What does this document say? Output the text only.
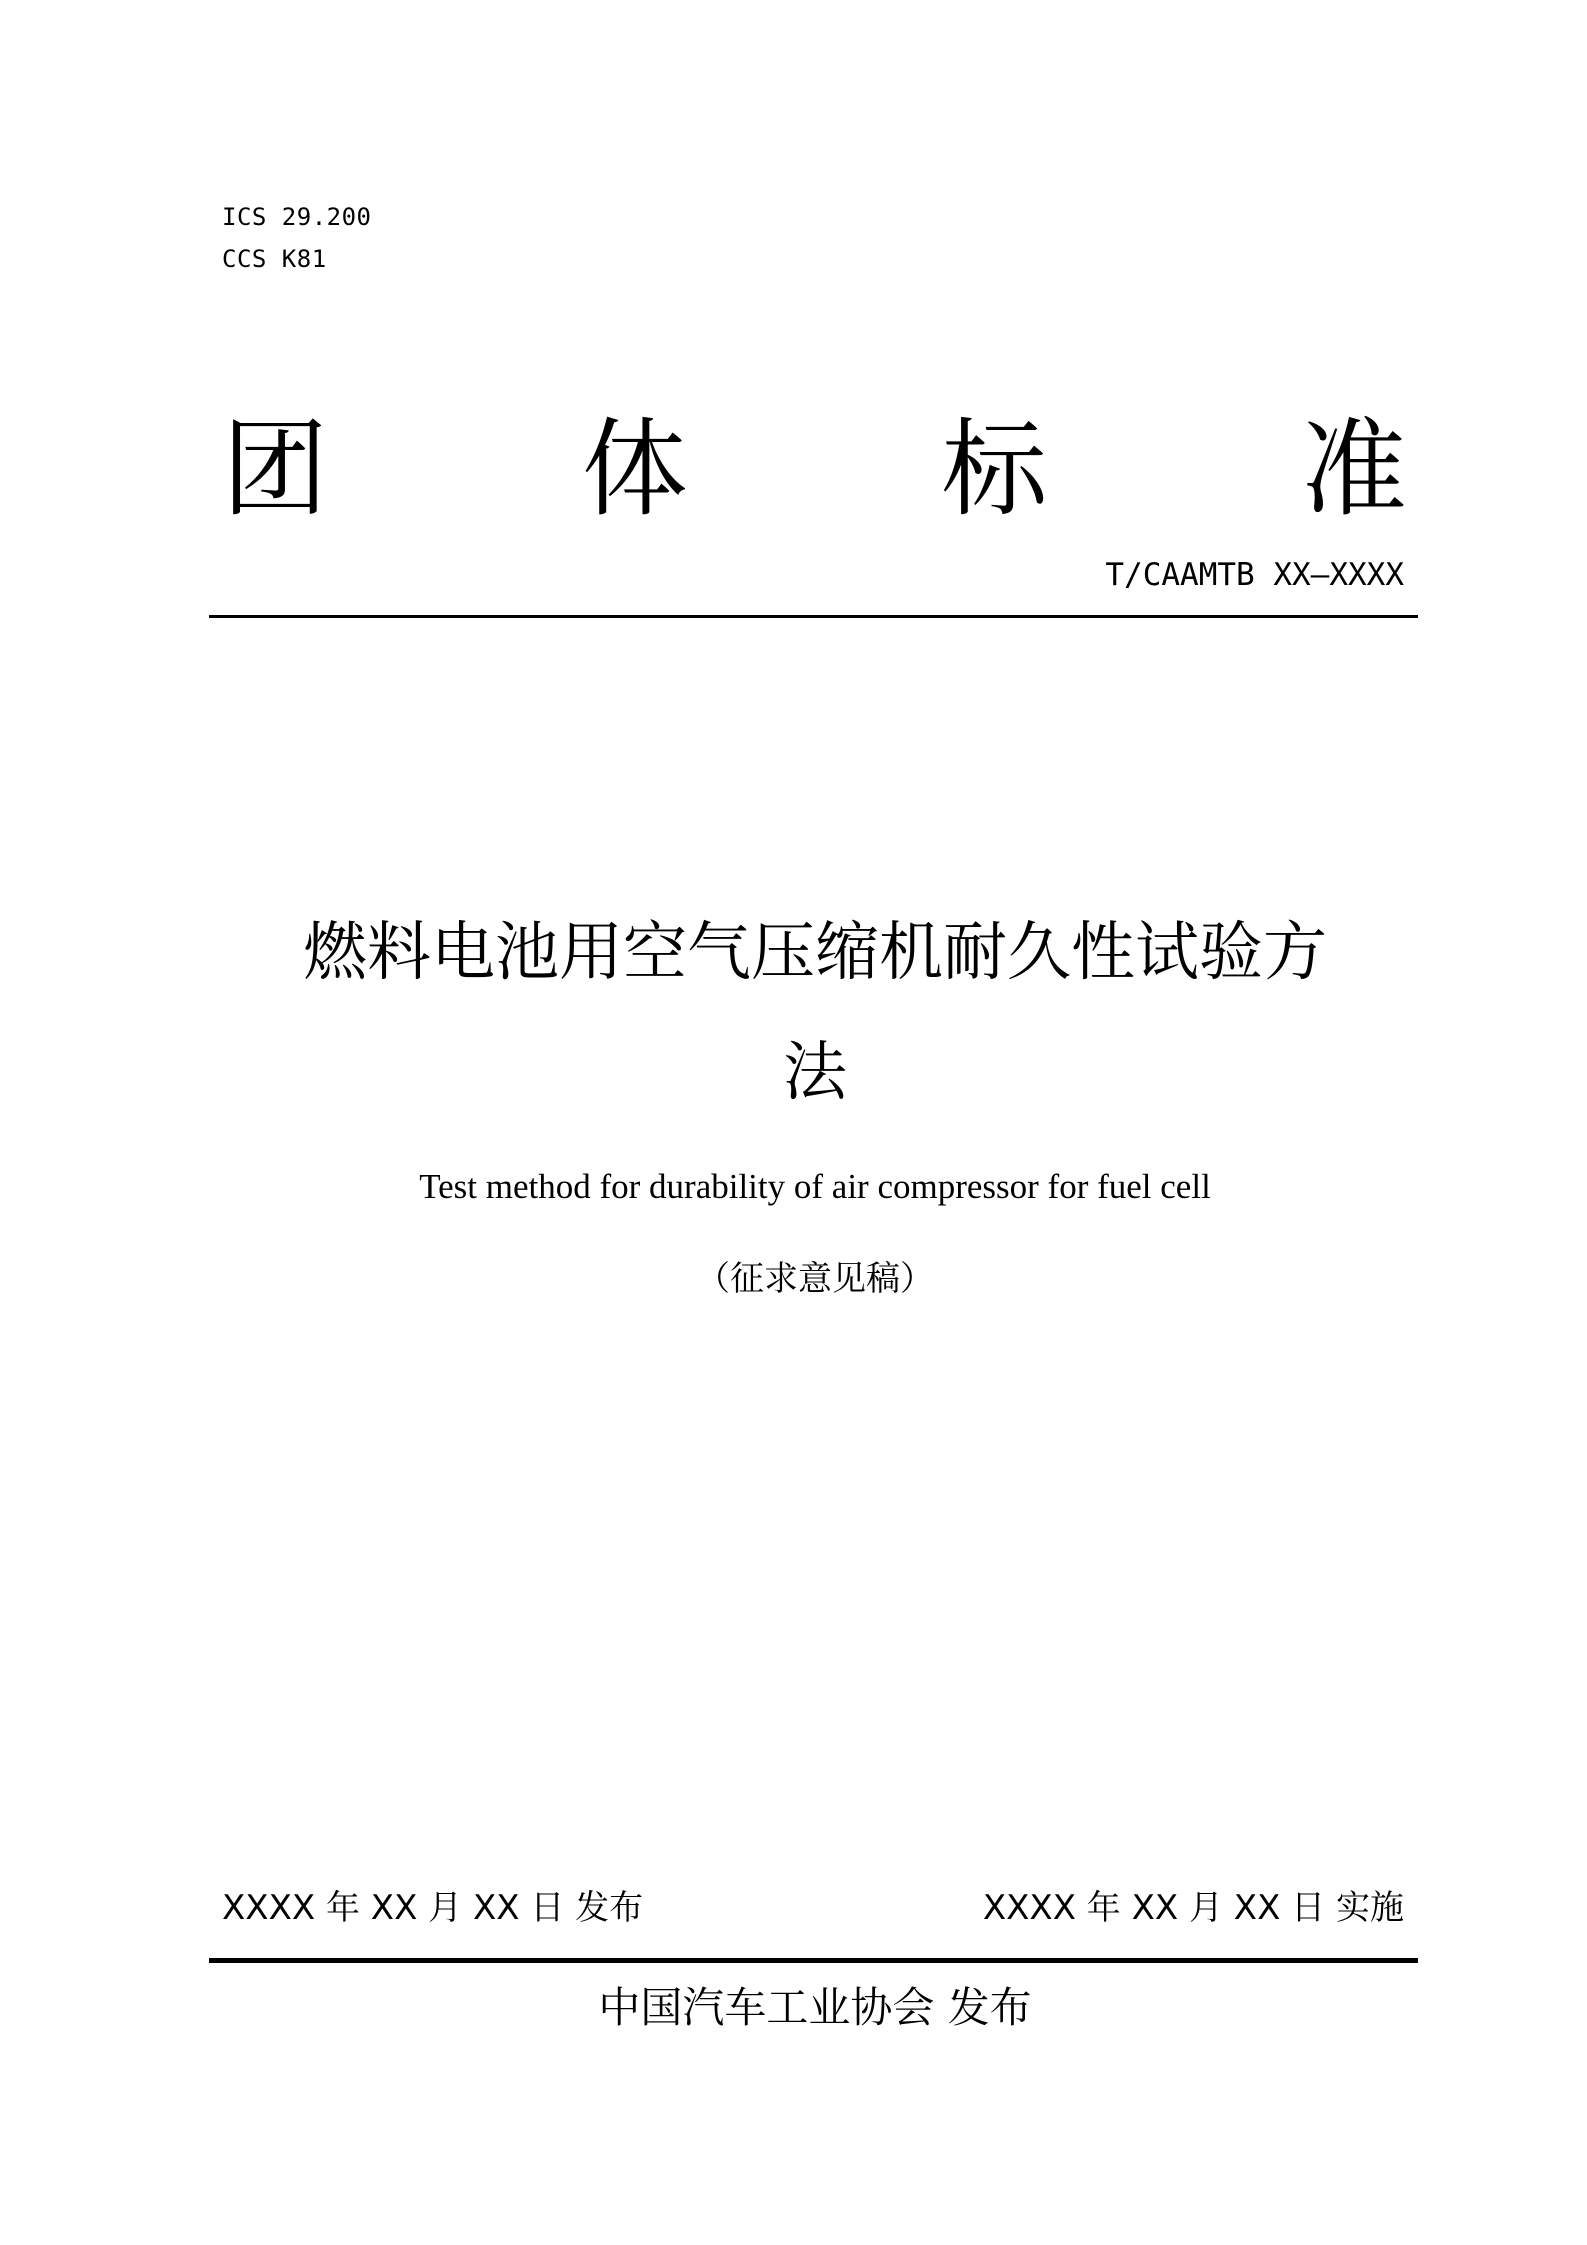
ICS 29.200
CCS K81
团 体 标 准
T/CAAMTB XX—XXXX
燃料电池用空气压缩机耐久性试验方
法
Test method for durability of air compressor for fuel cell
（征求意见稿）
XXXX 年 XX 月 XX 日 发布	XXXX 年 XX 月 XX 日 实施
中国汽车工业协会 发布
